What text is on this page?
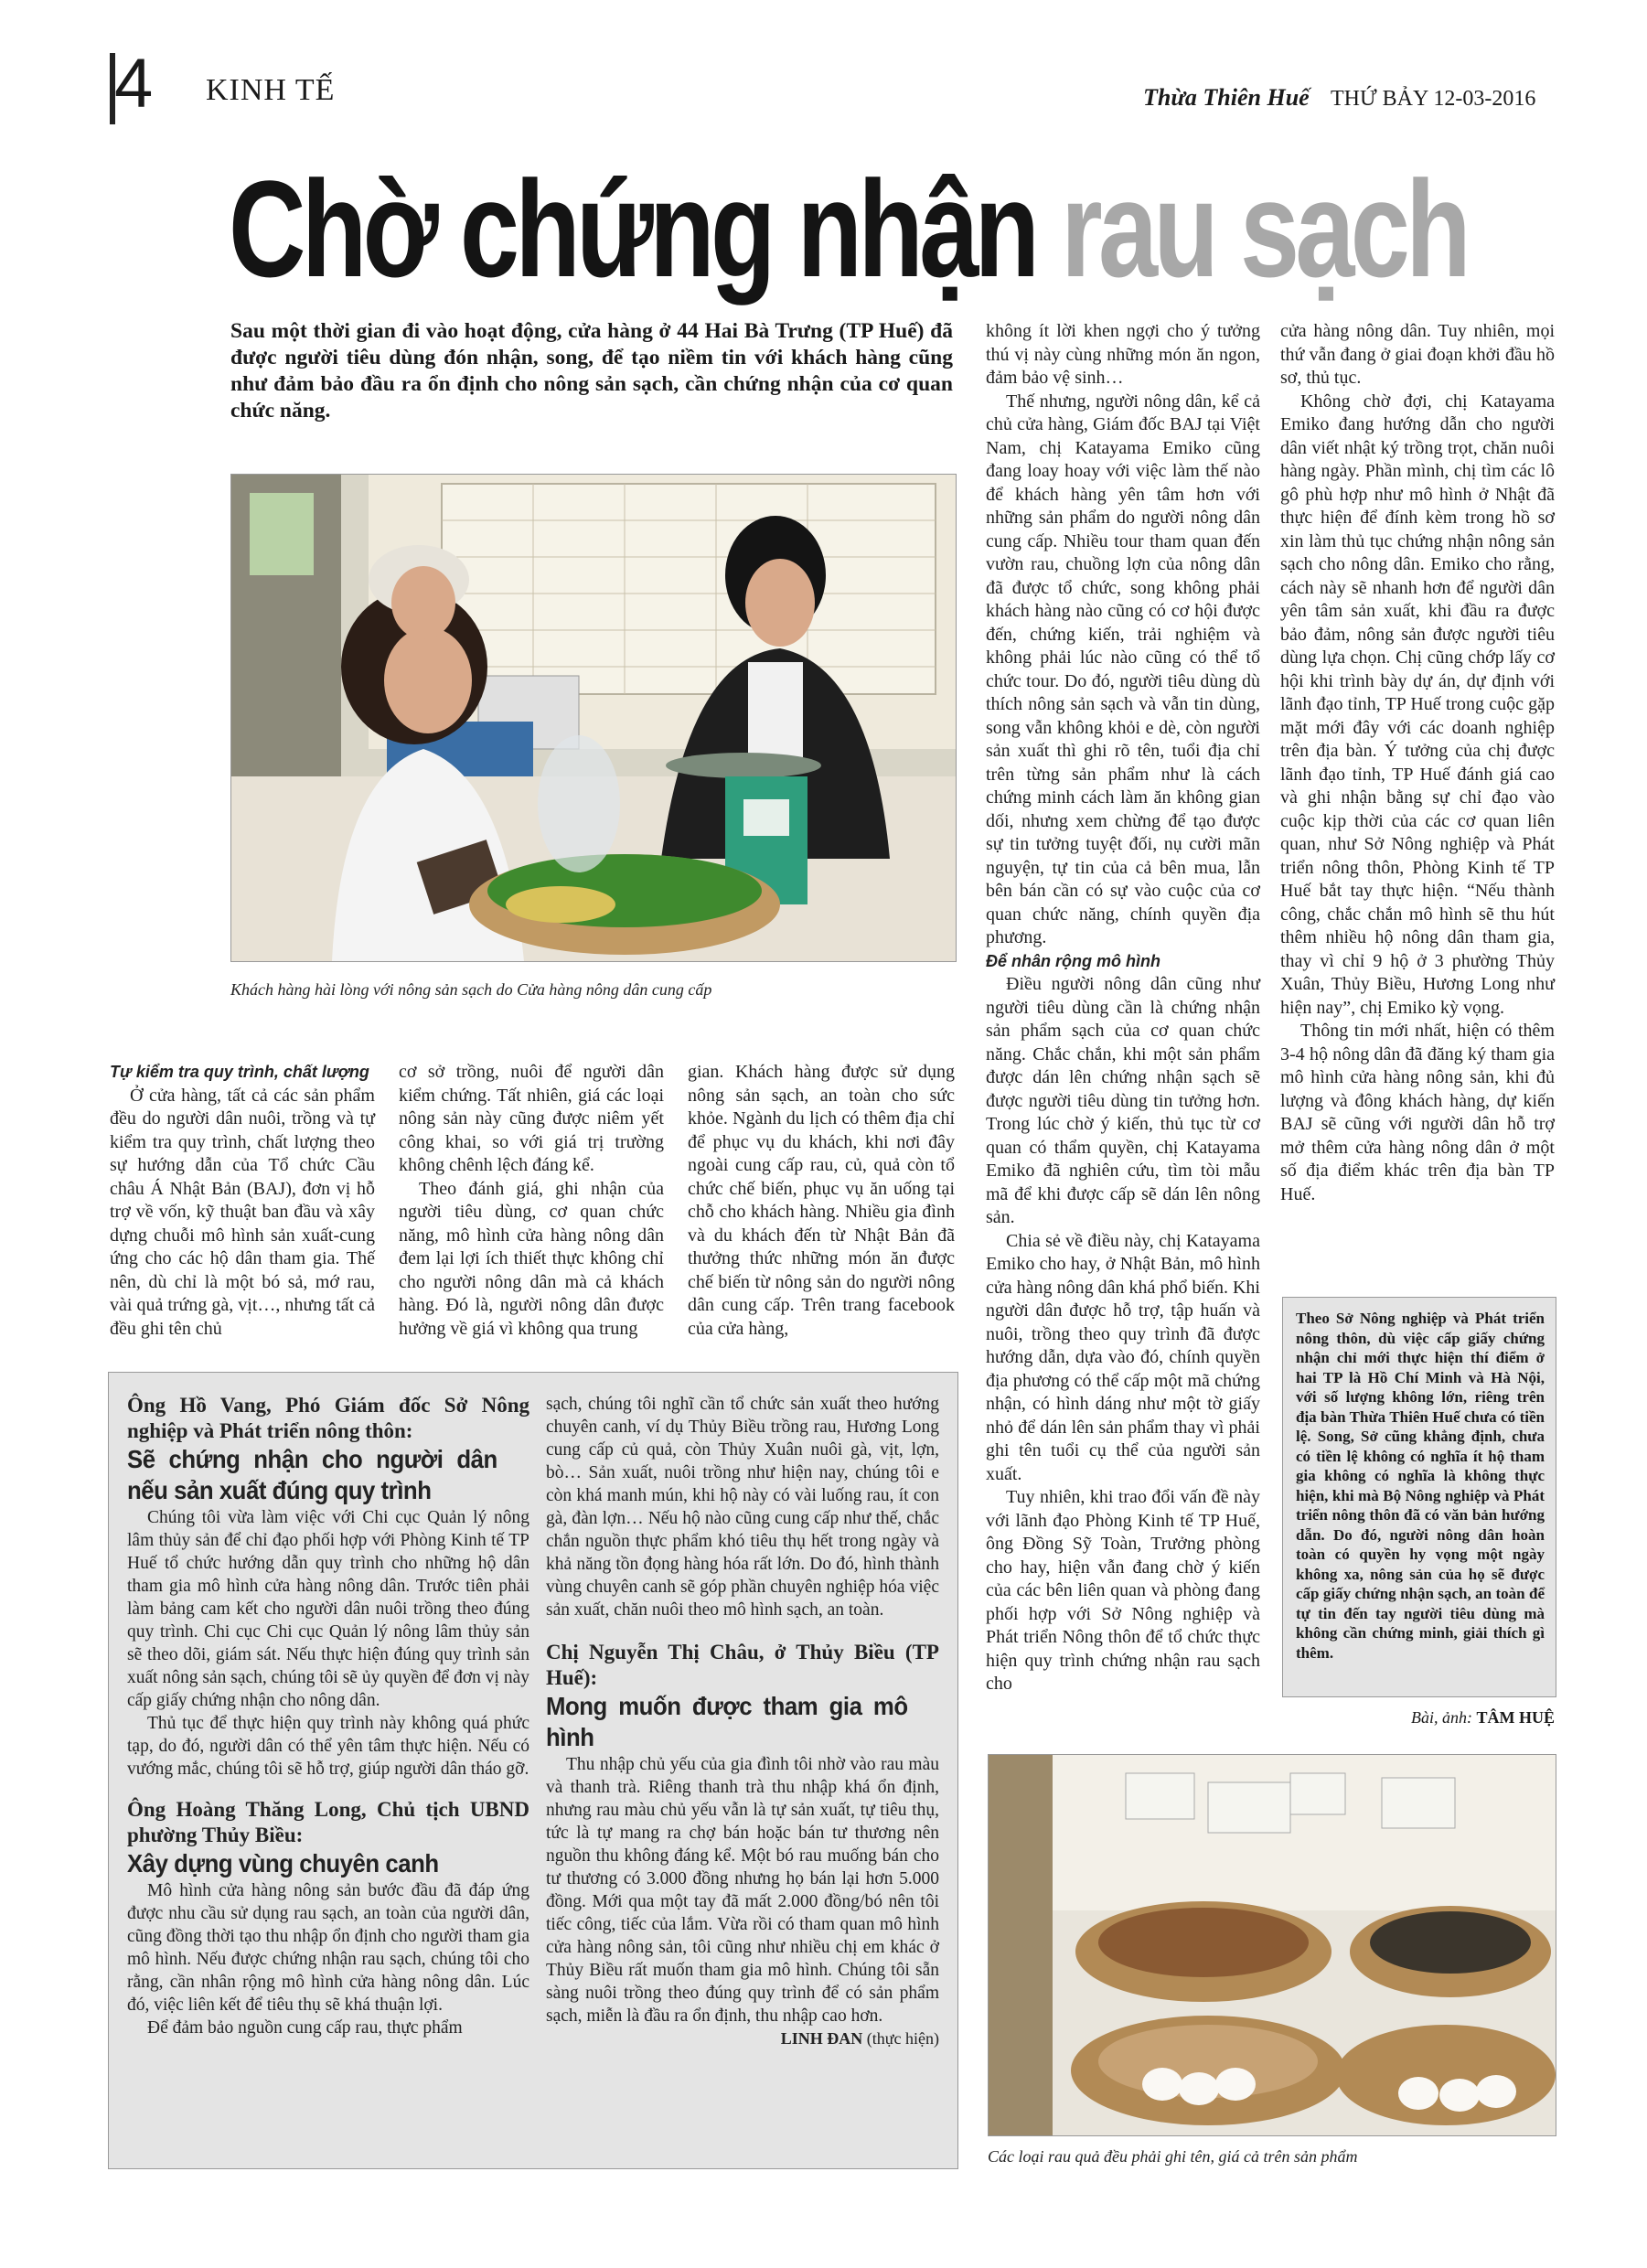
4 KINH TẾ	Thừa Thiên Huế THỨ BẢY 12-03-2016
Chờ chứng nhận rau sạch
Sau một thời gian đi vào hoạt động, cửa hàng ở 44 Hai Bà Trưng (TP Huế) đã được người tiêu dùng đón nhận, song, để tạo niềm tin với khách hàng cũng như đảm bảo đầu ra ổn định cho nông sản sạch, cần chứng nhận của cơ quan chức năng.
Khách hàng hài lòng với nông sản sạch do Cửa hàng nông dân cung cấp

Tự kiểm tra quy trình, chất lượng

Ở cửa hàng, tất cả các sản phẩm đều do người dân nuôi, trồng và tự kiểm tra quy trình, chất lượng theo sự hướng dẫn của Tổ chức Cầu châu Á Nhật Bản (BAJ), đơn vị hỗ trợ về vốn, kỹ thuật ban đầu và xây dựng chuỗi mô hình sản xuất-cung ứng cho các hộ dân tham gia. Thế nên, dù chỉ là một bó sả, mớ rau, vài quả trứng gà, vịt…, nhưng tất cả đều ghi tên chủ

cơ sở trồng, nuôi để người dân kiểm chứng. Tất nhiên, giá các loại nông sản này cũng được niêm yết công khai, so với giá trị trường không chênh lệch đáng kể.

Theo đánh giá, ghi nhận của người tiêu dùng, cơ quan chức năng, mô hình cửa hàng nông dân đem lại lợi ích thiết thực không chỉ cho người nông dân mà cả khách hàng. Đó là, người nông dân được hưởng về giá vì không qua trung

gian. Khách hàng được sử dụng nông sản sạch, an toàn cho sức khỏe. Ngành du lịch có thêm địa chỉ để phục vụ du khách, khi nơi đây ngoài cung cấp rau, củ, quả còn tổ chức chế biến, phục vụ ăn uống tại chỗ cho khách hàng. Nhiều gia đình và du khách đến từ Nhật Bản đã thưởng thức những món ăn được chế biến từ nông sản do người nông dân cung cấp. Trên trang facebook của cửa hàng,

không ít lời khen ngợi cho ý tưởng thú vị này cùng những món ăn ngon, đảm bảo vệ sinh…

Thế nhưng, người nông dân, kể cả chủ cửa hàng, Giám đốc BAJ tại Việt Nam, chị Katayama Emiko cũng đang loay hoay với việc làm thế nào để khách hàng yên tâm hơn với những sản phẩm do người nông dân cung cấp. Nhiều tour tham quan đến vườn rau, chuồng lợn của nông dân đã được tổ chức, song không phải khách hàng nào cũng có cơ hội được đến, chứng kiến, trải nghiệm và không phải lúc nào cũng có thể tổ chức tour. Do đó, người tiêu dùng dù thích nông sản sạch và vẫn tin dùng, song vẫn không khỏi e dè, còn người sản xuất thì ghi rõ tên, tuổi địa chỉ trên từng sản phẩm như là cách chứng minh cách làm ăn không gian dối, nhưng xem chừng để tạo được sự tin tưởng tuyệt đối, nụ cười mãn nguyện, tự tin của cả bên mua, lẫn bên bán cần có sự vào cuộc của cơ quan chức năng, chính quyền địa phương.

Để nhân rộng mô hình

Điều người nông dân cũng như người tiêu dùng cần là chứng nhận sản phẩm sạch của cơ quan chức năng. Chắc chắn, khi một sản phẩm được dán lên chứng nhận sạch sẽ được người tiêu dùng tin tưởng hơn. Trong lúc chờ ý kiến, thủ tục từ cơ quan có thẩm quyền, chị Katayama Emiko đã nghiên cứu, tìm tòi mẫu mã để khi được cấp sẽ dán lên nông sản.

Chia sẻ về điều này, chị Katayama Emiko cho hay, ở Nhật Bản, mô hình cửa hàng nông dân khá phổ biến. Khi người dân được hỗ trợ, tập huấn và nuôi, trồng theo quy trình đã được hướng dẫn, dựa vào đó, chính quyền địa phương có thể cấp một mã chứng nhận, có hình dáng như một tờ giấy nhỏ để dán lên sản phẩm thay vì phải ghi tên tuổi cụ thể của người sản xuất.

Tuy nhiên, khi trao đổi vấn đề này với lãnh đạo Phòng Kinh tế TP Huế, ông Đồng Sỹ Toàn, Trưởng phòng cho hay, hiện vẫn đang chờ ý kiến của các bên liên quan và phòng đang phối hợp với Sở Nông nghiệp và Phát triển Nông thôn để tổ chức thực hiện quy trình chứng nhận rau sạch cho

cửa hàng nông dân. Tuy nhiên, mọi thứ vẫn đang ở giai đoạn khởi đầu hồ sơ, thủ tục.

Không chờ đợi, chị Katayama Emiko đang hướng dẫn cho người dân viết nhật ký trồng trọt, chăn nuôi hàng ngày. Phần mình, chị tìm các lô gô phù hợp như mô hình ở Nhật đã thực hiện để đính kèm trong hồ sơ xin làm thủ tục chứng nhận nông sản sạch cho nông dân. Emiko cho rằng, cách này sẽ nhanh hơn để người dân yên tâm sản xuất, khi đầu ra được bảo đảm, nông sản được người tiêu dùng lựa chọn. Chị cũng chớp lấy cơ hội khi trình bày dự án, dự định với lãnh đạo tỉnh, TP Huế trong cuộc gặp mặt mới đây với các doanh nghiệp trên địa bàn. Ý tưởng của chị được lãnh đạo tỉnh, TP Huế đánh giá cao và ghi nhận bằng sự chỉ đạo vào cuộc kịp thời của các cơ quan liên quan, như Sở Nông nghiệp và Phát triển nông thôn, Phòng Kinh tế TP Huế bắt tay thực hiện. “Nếu thành công, chắc chắn mô hình sẽ thu hút thêm nhiều hộ nông dân tham gia, thay vì chỉ 9 hộ ở 3 phường Thủy Xuân, Thủy Biều, Hương Long như hiện nay”, chị Emiko kỳ vọng.

Thông tin mới nhất, hiện có thêm 3-4 hộ nông dân đã đăng ký tham gia mô hình cửa hàng nông sản, khi đủ lượng và đông khách hàng, dự kiến BAJ sẽ cũng với người dân hỗ trợ mở thêm cửa hàng nông dân ở một số địa điểm khác trên địa bàn TP Huế.

Theo Sở Nông nghiệp và Phát triển nông thôn, dù việc cấp giấy chứng nhận chỉ mới thực hiện thí điểm ở hai TP là Hồ Chí Minh và Hà Nội, với số lượng không lớn, riêng trên địa bàn Thừa Thiên Huế chưa có tiền lệ. Song, Sở cũng khẳng định, chưa có tiền lệ không có nghĩa ít hộ tham gia không có nghĩa là không thực hiện, khi mà Bộ Nông nghiệp và Phát triển nông thôn đã có văn bản hướng dẫn. Do đó, người nông dân hoàn toàn có quyền hy vọng một ngày không xa, nông sản của họ sẽ được cấp giấy chứng nhận sạch, an toàn để tự tin đến tay người tiêu dùng mà không cần chứng minh, giải thích gì thêm.
Bài, ảnh: TÂM HUỆ

Ông Hồ Vang, Phó Giám đốc Sở Nông nghiệp và Phát triển nông thôn:

Sẽ chứng nhận cho người dân nếu sản xuất đúng quy trình

Chúng tôi vừa làm việc với Chi cục Quản lý nông lâm thủy sản để chỉ đạo phối hợp với Phòng Kinh tế TP Huế tổ chức hướng dẫn quy trình cho những hộ dân tham gia mô hình cửa hàng nông dân. Trước tiên phải làm bảng cam kết cho người dân nuôi trồng theo đúng quy trình. Chi cục Chi cục Quản lý nông lâm thủy sản sẽ theo dõi, giám sát. Nếu thực hiện đúng quy trình sản xuất nông sản sạch, chúng tôi sẽ ủy quyền để đơn vị này cấp giấy chứng nhận cho nông dân.

Thủ tục để thực hiện quy trình này không quá phức tạp, do đó, người dân có thể yên tâm thực hiện. Nếu có vướng mắc, chúng tôi sẽ hỗ trợ, giúp người dân tháo gỡ.

Ông Hoàng Thăng Long, Chủ tịch UBND phường Thủy Biều:

Xây dựng vùng chuyên canh

Mô hình cửa hàng nông sản bước đầu đã đáp ứng được nhu cầu sử dụng rau sạch, an toàn của người dân, cũng đồng thời tạo thu nhập ổn định cho người tham gia mô hình. Nếu được chứng nhận rau sạch, chúng tôi cho rằng, cần nhân rộng mô hình cửa hàng nông dân. Lúc đó, việc liên kết để tiêu thụ sẽ khá thuận lợi.

Để đảm bảo nguồn cung cấp rau, thực phẩm

sạch, chúng tôi nghĩ cần tổ chức sản xuất theo hướng chuyên canh, ví dụ Thủy Biều trồng rau, Hương Long cung cấp củ quả, còn Thủy Xuân nuôi gà, vịt, lợn, bò… Sản xuất, nuôi trồng như hiện nay, chúng tôi e còn khá manh mún, khi hộ này có vài luống rau, ít con gà, đàn lợn… Nếu hộ nào cũng cung cấp như thế, chắc chắn nguồn thực phẩm khó tiêu thụ hết trong ngày và khả năng tồn đọng hàng hóa rất lớn. Do đó, hình thành vùng chuyên canh sẽ góp phần chuyên nghiệp hóa việc sản xuất, chăn nuôi theo mô hình sạch, an toàn.

Chị Nguyễn Thị Châu, ở Thủy Biều (TP Huế):

Mong muốn được tham gia mô hình

Thu nhập chủ yếu của gia đình tôi nhờ vào rau màu và thanh trà. Riêng thanh trà thu nhập khá ổn định, nhưng rau màu chủ yếu vẫn là tự sản xuất, tự tiêu thụ, tức là tự mang ra chợ bán hoặc bán tư thương nên nguồn thu không đáng kể. Một bó rau muống bán cho tư thương có 3.000 đồng nhưng họ bán lại hơn 5.000 đồng. Mới qua một tay đã mất 2.000 đồng/bó nên tôi tiếc công, tiếc của lắm. Vừa rồi có tham quan mô hình cửa hàng nông sản, tôi cũng như nhiều chị em khác ở Thủy Biều rất muốn tham gia mô hình. Chúng tôi sẵn sàng nuôi trồng theo đúng quy trình để có sản phẩm sạch, miễn là đầu ra ổn định, thu nhập cao hơn.

LINH ĐAN (thực hiện)

Các loại rau quả đều phải ghi tên, giá cả trên sản phẩm
